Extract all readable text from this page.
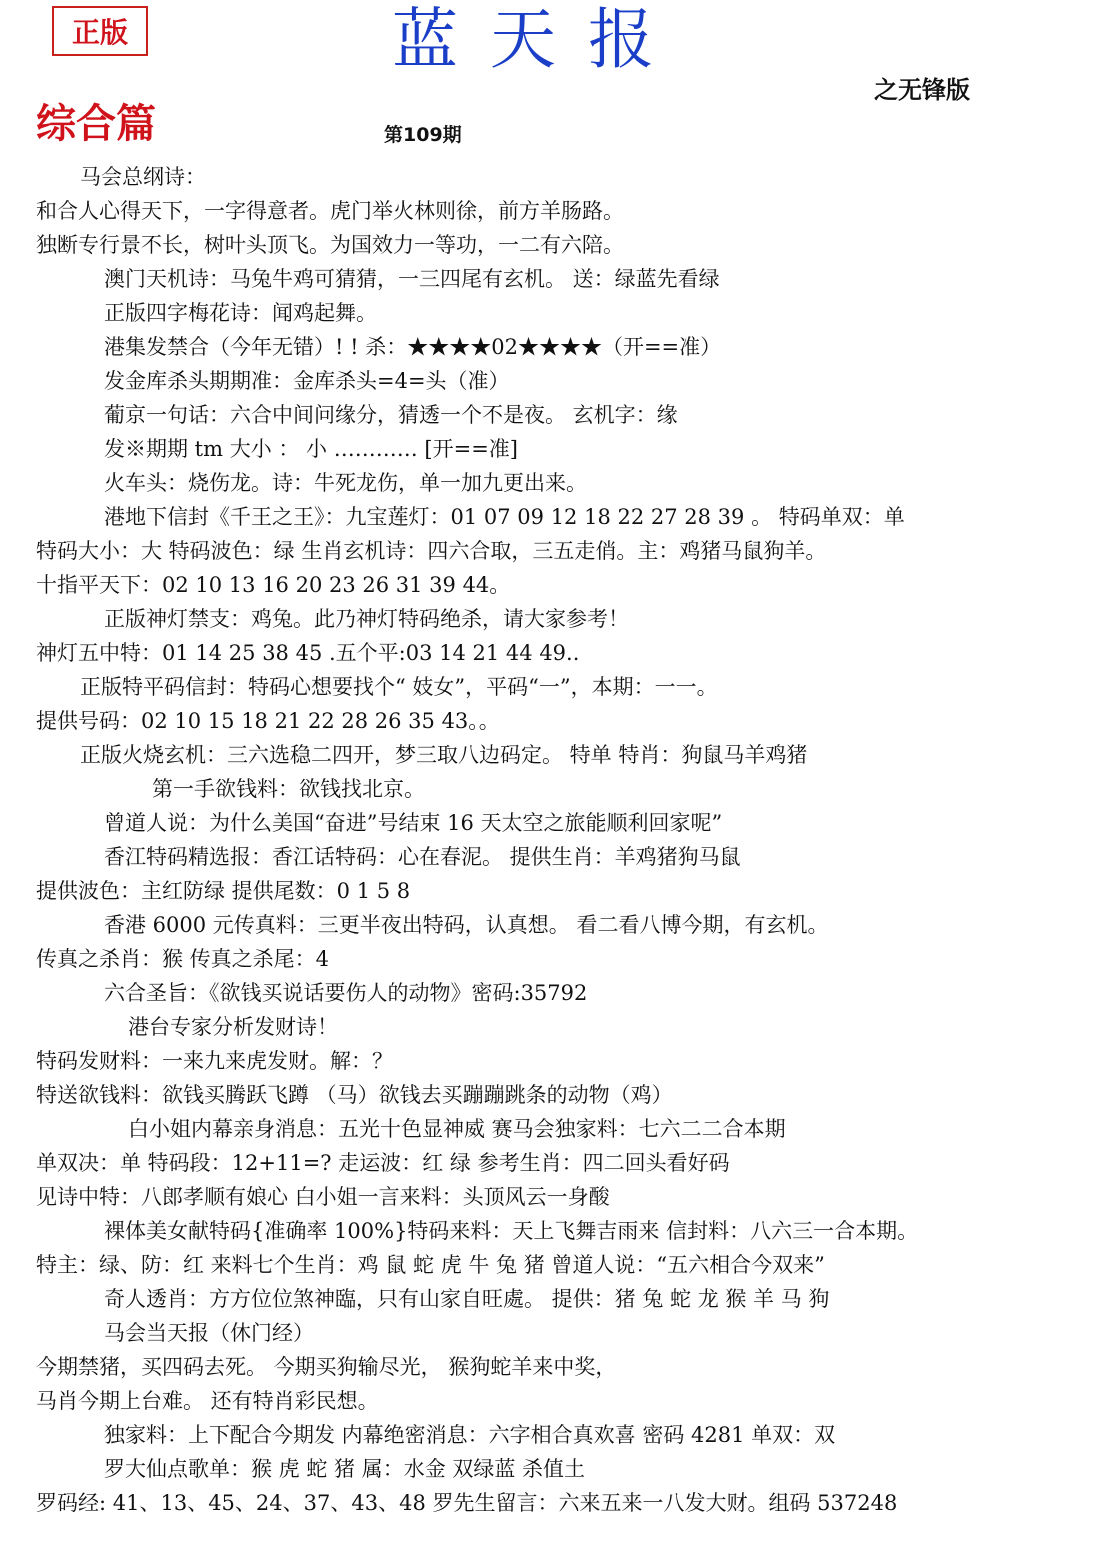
正版	蓝天报
之无锋版
综合篇	第109期
马会总纲诗：
和合人心得天下，一字得意者。虎门举火林则徐，前方羊肠路。
独断专行景不长，树叶头顶飞。为国效力一等功，一二有六陪。
澳门天机诗：马兔牛鸡可猜猜，一三四尾有玄机。 送：绿蓝先看绿
正版四字梅花诗：闻鸡起舞。
港集发禁合（今年无错）! ! 杀：★★★★02★★★★（开==准）
发金库杀头期期准：金库杀头=4=头（准）
葡京一句话：六合中间问缘分，猜透一个不是夜。 玄机字：缘
发※期期 tm 大小 ： 小 ………… [开==准]
火车头：烧伤龙。诗：牛死龙伤，单一加九更出来。
港地下信封《千王之王》：九宝莲灯：01 07 09 12 18 22 27 28 39 。 特码单双：单
特码大小：大 特码波色：绿 生肖玄机诗：四六合取，三五走俏。主：鸡猪马鼠狗羊。
十指平天下：02 10 13 16 20 23 26 31 39 44。
正版神灯禁支：鸡兔。此乃神灯特码绝杀，请大家参考！
神灯五中特：01 14 25 38 45 .五个平:03 14 21 44 49..
正版特平码信封：特码心想要找个“ 妓女”，平码“一”，本期：一一。
提供号码：02 10 15 18 21 22 28 26 35 43。。
正版火烧玄机：三六选稳二四开，梦三取八边码定。 特单 特肖：狗鼠马羊鸡猪
第一手欲钱料：欲钱找北京。
曾道人说：为什么美国“奋进”号结束 16 天太空之旅能顺利回家呢”
香江特码精选报：香江话特码：心在春泥。 提供生肖：羊鸡猪狗马鼠
提供波色：主红防绿 提供尾数：0 1 5 8
香港 6000 元传真料：三更半夜出特码，认真想。 看二看八博今期，有玄机。
传真之杀肖：猴 传真之杀尾：4
六合圣旨：《欲钱买说话要伤人的动物》密码:35792
港台专家分析发财诗！
特码发财料：一来九来虎发财。解：？
特送欲钱料：欲钱买腾跃飞蹲 （马）欲钱去买蹦蹦跳条的动物（鸡）
白小姐内幕亲身消息：五光十色显神威 赛马会独家料：七六二二合本期
单双决：单 特码段：12+11=? 走运波：红 绿 参考生肖：四二回头看好码
见诗中特：八郎孝顺有娘心 白小姐一言来料：头顶风云一身酸
裸体美女献特码{准确率 100%}特码来料：天上飞舞吉雨来 信封料：八六三一合本期。
特主：绿、防：红 来料七个生肖：鸡 鼠 蛇 虎 牛 兔 猪 曾道人说：“五六相合今双来”
奇人透肖：方方位位煞神臨，只有山家自旺處。 提供：猪 兔 蛇 龙 猴 羊 马 狗
马会当天报（休门经）
今期禁猪，买四码去死。 今期买狗输尽光， 猴狗蛇羊来中奖，
马肖今期上台难。 还有特肖彩民想。
独家料：上下配合今期发 内幕绝密消息：六字相合真欢喜 密码 4281 单双：双
罗大仙点歌单：猴 虎 蛇 猪 属：水金 双绿蓝 杀值土
罗码经: 41、13、45、24、37、43、48 罗先生留言：六来五来一八发大财。组码 537248
